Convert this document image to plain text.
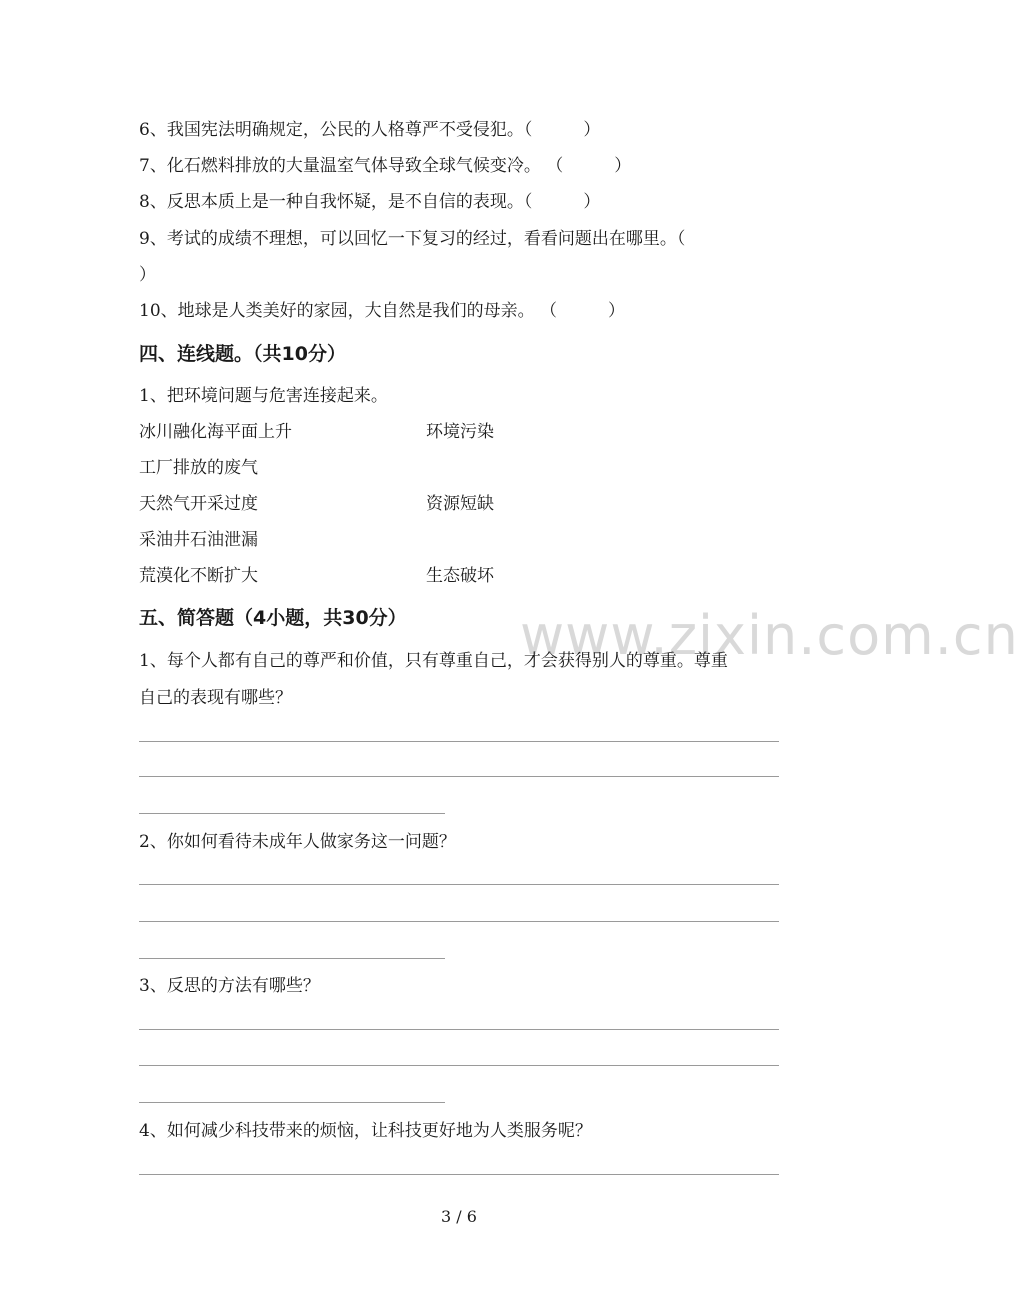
www.zixin.com.cn
6、我国宪法明确规定，公民的人格尊严不受侵犯。（　　　）
7、化石燃料排放的大量温室气体导致全球气候变冷。 （　　　）
8、反思本质上是一种自我怀疑，是不自信的表现。（　　　）
9、考试的成绩不理想，可以回忆一下复习的经过，看看问题出在哪里。（
）
10、地球是人类美好的家园，大自然是我们的母亲。 （　　　）
四、连线题。（共10分）
1、把环境问题与危害连接起来。
冰川融化海平面上升
工厂排放的废气
天然气开采过度
采油井石油泄漏
荒漠化不断扩大
环境污染
资源短缺
生态破坏
五、简答题（4小题，共30分）
1、每个人都有自己的尊严和价值，只有尊重自己，才会获得别人的尊重。尊重
自己的表现有哪些？
2、你如何看待未成年人做家务这一问题？
3、反思的方法有哪些？
4、如何减少科技带来的烦恼，让科技更好地为人类服务呢？
3 / 6
